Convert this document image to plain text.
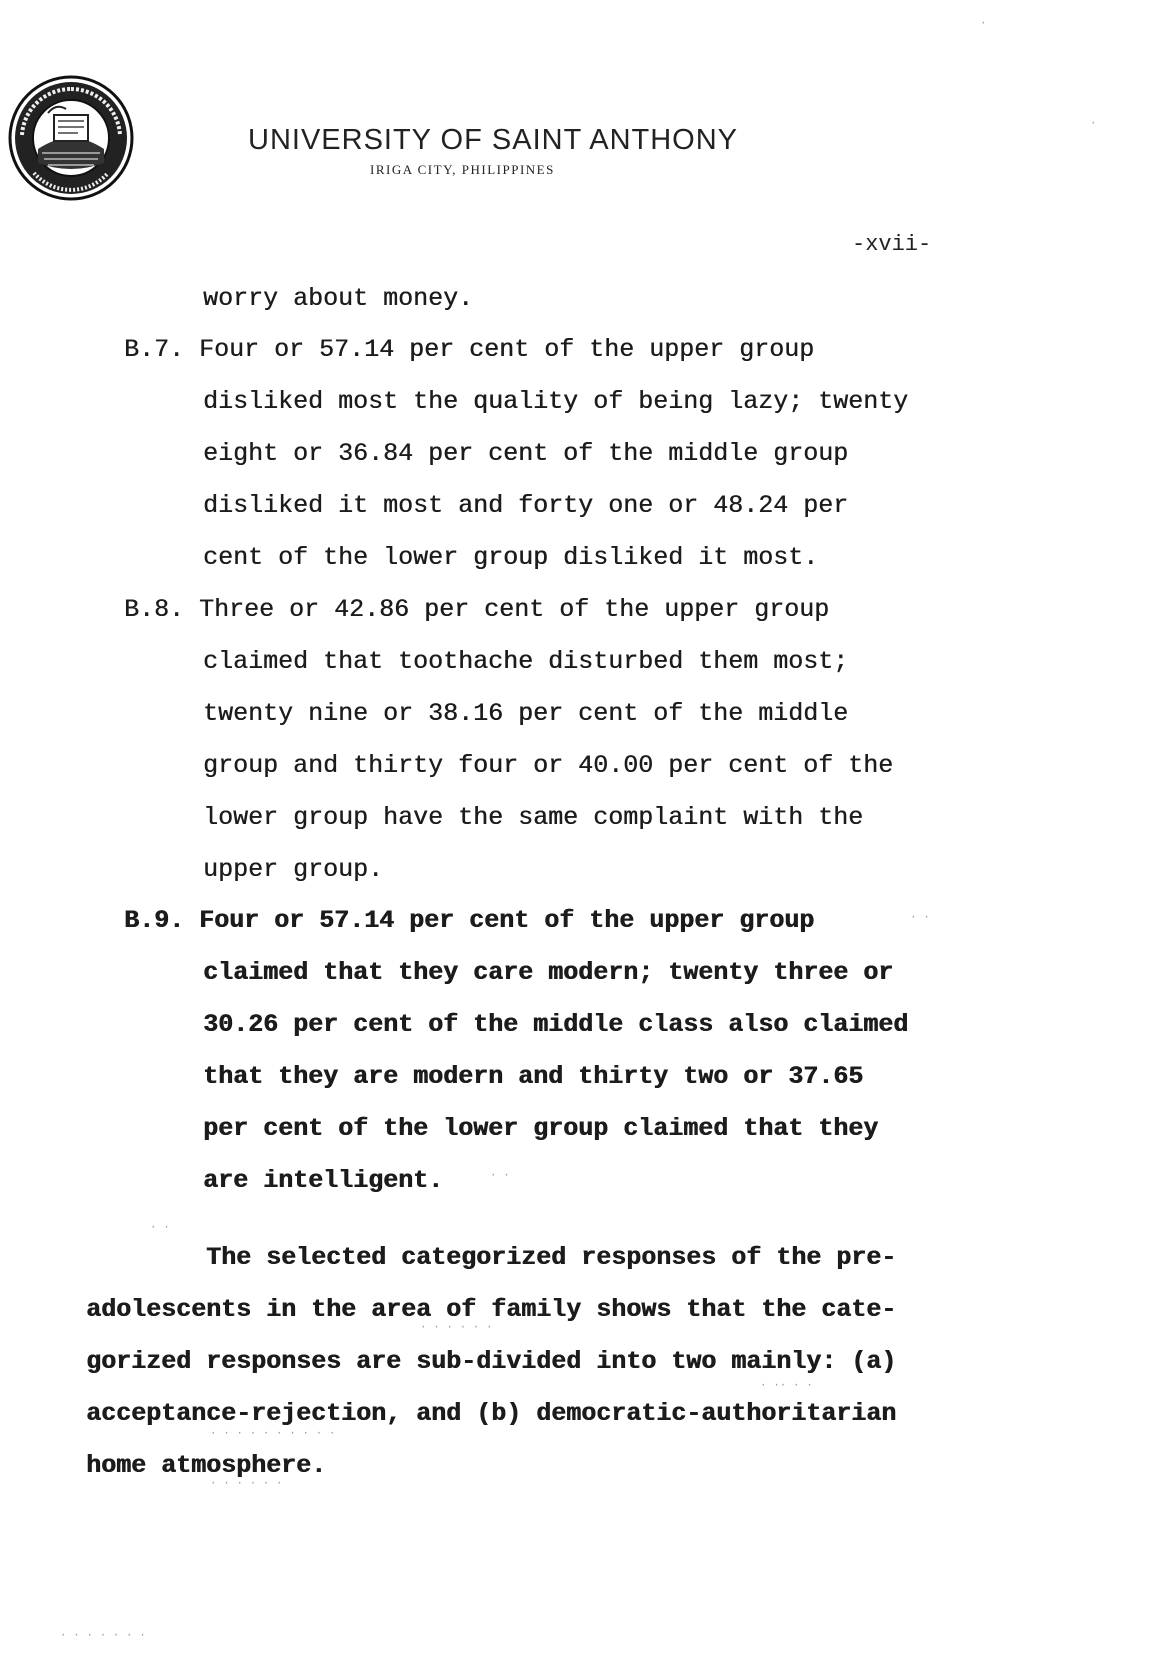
UNIVERSITY OF SAINT ANTHONY
IRIGA CITY, PHILIPPINES
-xvii-
worry about money.
B.7. Four or 57.14 per cent of the upper group
disliked most the quality of being lazy; twenty
eight or 36.84 per cent of the middle group
disliked it most and forty one or 48.24 per
cent of the lower group disliked it most.
B.8. Three or 42.86 per cent of the upper group
claimed that toothache disturbed them most;
twenty nine or 38.16 per cent of the middle
group and thirty four or 40.00 per cent of the
lower group have the same complaint with the
upper group.
B.9. Four or 57.14 per cent of the upper group
claimed that they care modern; twenty three or
30.26 per cent of the middle class also claimed
that they are modern and thirty two or 37.65
per cent of the lower group claimed that they
are intelligent.
The selected categorized responses of the pre-
adolescents in the area of family shows that the cate-
gorized responses are sub-divided into two mainly: (a)
acceptance-rejection, and (b) democratic-authoritarian
home atmosphere.
· ·
· ·
· ·
· · · · · ·
· ·· · ·
· · · · · · · · · ·
· · · · · ·
· · · · · · ·
·
·
